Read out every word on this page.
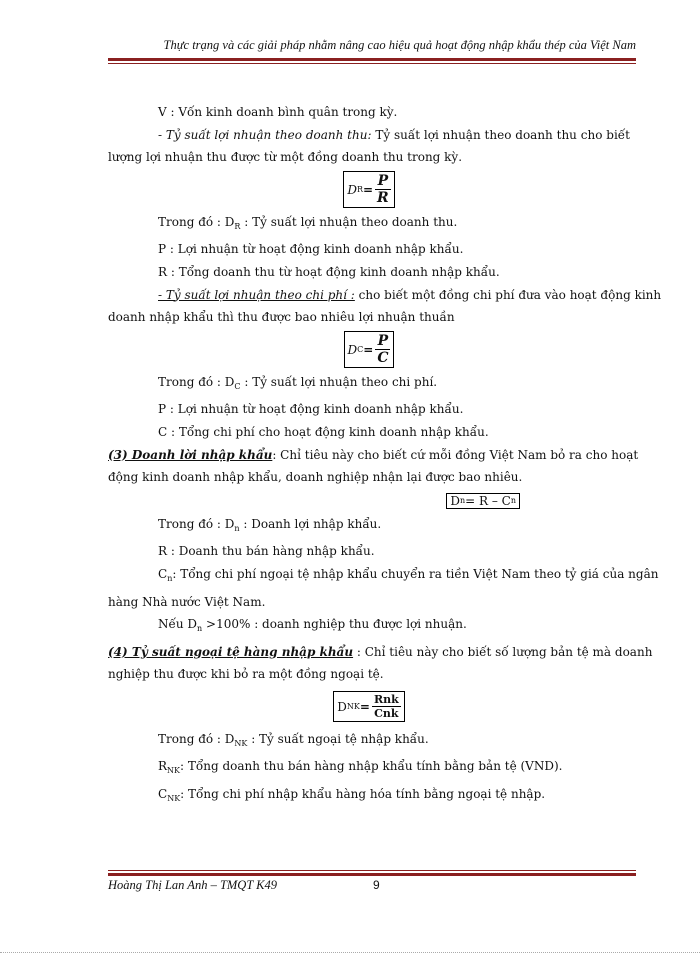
Thực trạng và các giải pháp nhằm nâng cao hiệu quả hoạt động nhập khẩu thép của Việt Nam
V : Vốn kinh doanh bình quân trong kỳ.
- Tỷ suất lợi nhuận theo doanh thu: Tỷ suất lợi nhuận theo doanh thu cho biết
lượng lợi nhuận thu được từ một đồng doanh thu trong kỳ.
D $R = \frac{P}{R}$
Trong đó : $D_R$ : Tỷ suất lợi nhuận theo doanh thu.
P : Lợi nhuận từ hoạt động kinh doanh nhập khẩu.
R : Tổng doanh thu từ hoạt động kinh doanh nhập khẩu.
- Tỷ suất lợi nhuận theo chi phí : cho biết một đồng chi phí đưa vào hoạt động kinh
doanh nhập khẩu thì thu được bao nhiêu lợi nhuận thuần
D $C = \frac{P}{C}$
Trong đó : $D_C$ : Tỷ suất lợi nhuận theo chi phí.
P : Lợi nhuận từ hoạt động kinh doanh nhập khẩu.
C : Tổng chi phí cho hoạt động kinh doanh nhập khẩu.
(3) Doanh lời nhập khẩu: Chỉ tiêu này cho biết cứ mỗi đồng Việt Nam bỏ ra cho hoạt
động kinh doanh nhập khẩu, doanh nghiệp nhận lại được bao nhiêu.
D n = R – C n
Trong đó : $D_n$ : Doanh lợi nhập khẩu.
R : Doanh thu bán hàng nhập khẩu.
$C_n$: Tổng chi phí ngoại tệ nhập khẩu chuyển ra tiền Việt Nam theo tỷ giá của ngân
hàng Nhà nước Việt Nam.
Nếu $D_n >100\%$ : doanh nghiệp thu được lợi nhuận.
(4) Tỷ suất ngoại tệ hàng nhập khẩu : Chỉ tiêu này cho biết số lượng bản tệ mà doanh
nghiệp thu được khi bỏ ra một đồng ngoại tệ.
D NK = $\frac{\text{Rnk}}{\text{Cnk}}$
Trong đó : $D_{NK}$ : Tỷ suất ngoại tệ nhập khẩu.
$R_{NK}$: Tổng doanh thu bán hàng nhập khẩu tính bằng bản tệ (VND).
$C_{NK}$: Tổng chi phí nhập khẩu hàng hóa tính bằng ngoại tệ nhập.
Hoàng Thị Lan Anh – TMQT K49	9
